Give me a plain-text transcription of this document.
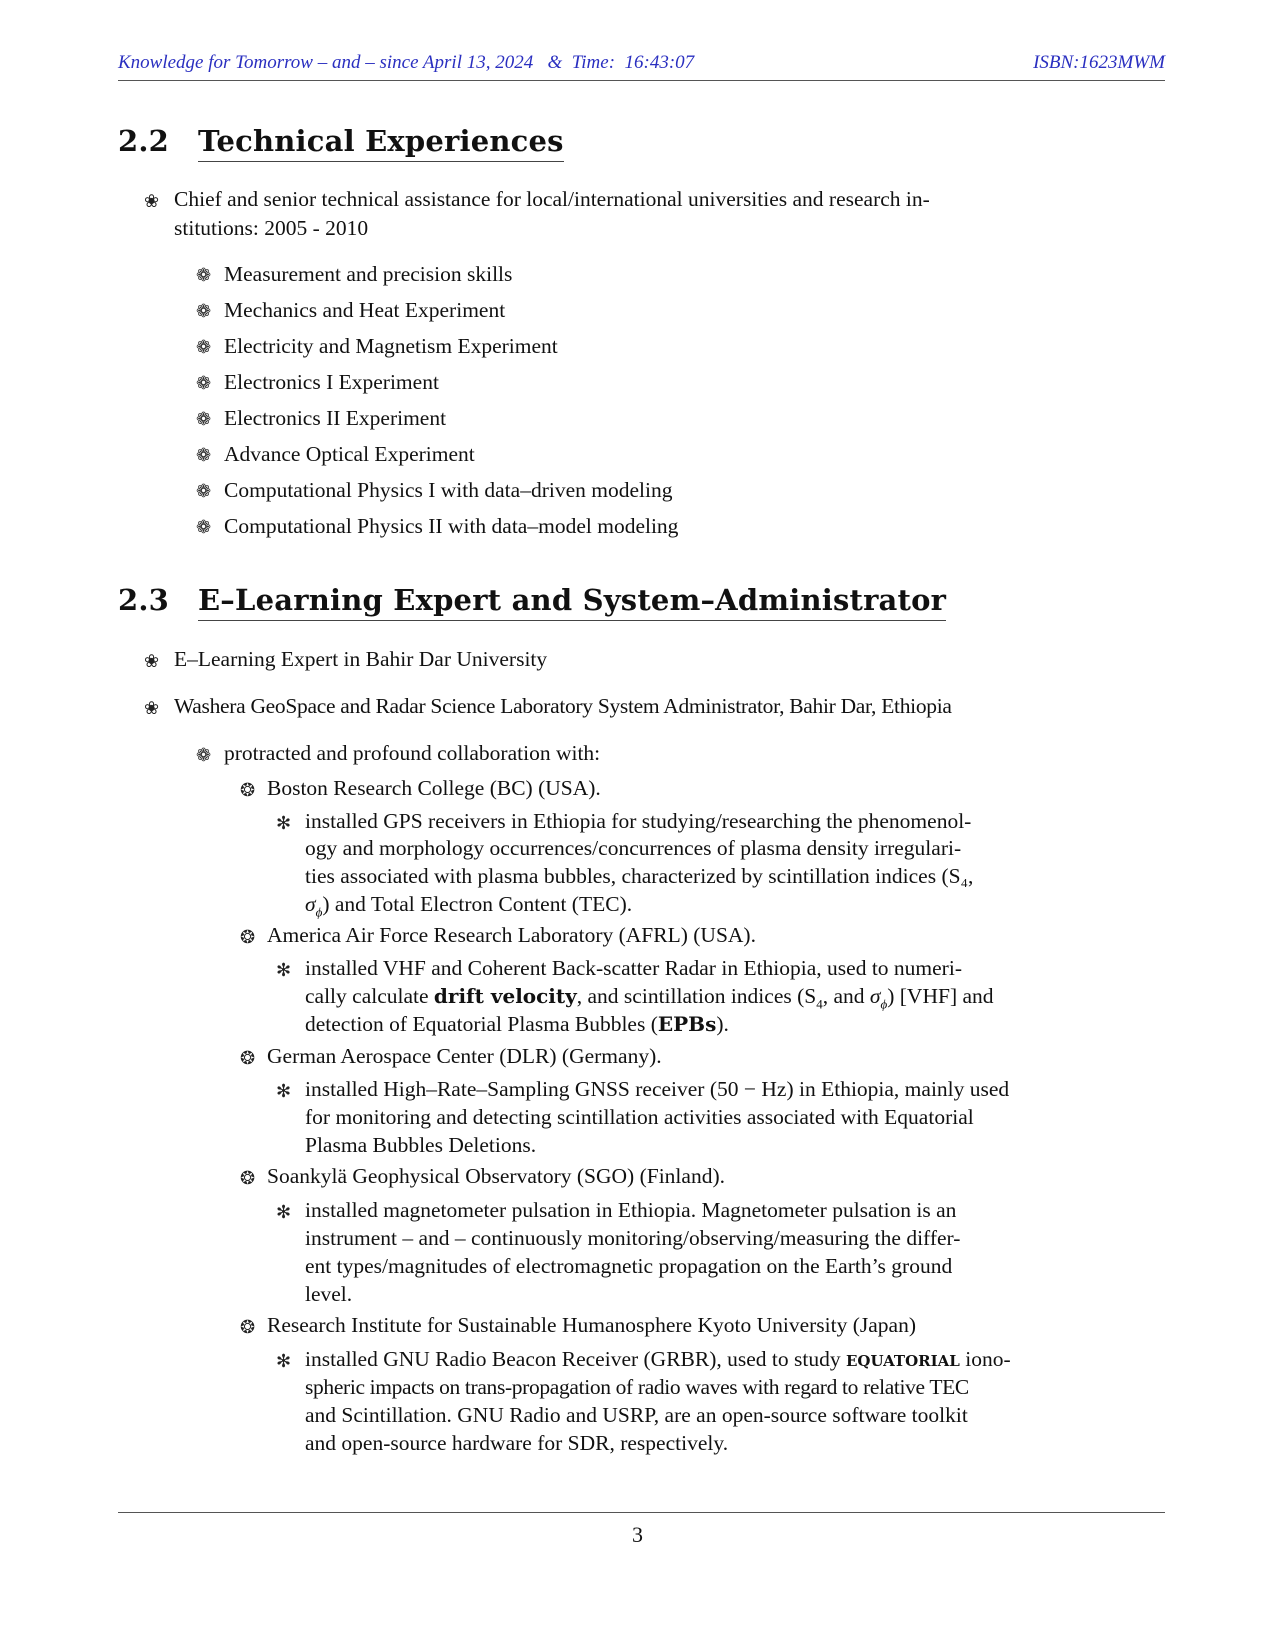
Knowledge for Tomorrow – and – since April 13, 2024   &  Time:  16:43:07	ISBN:1623MWM
2.2 Technical Experiences
❀ Chief and senior technical assistance for local/international universities and research in-
stitutions: 2005 - 2010
❁ Measurement and precision skills
❁ Mechanics and Heat Experiment
❁ Electricity and Magnetism Experiment
❁ Electronics I Experiment
❁ Electronics II Experiment
❁ Advance Optical Experiment
❁ Computational Physics I with data–driven modeling
❁ Computational Physics II with data–model modeling
2.3 E–Learning Expert and System–Administrator
❀ E–Learning Expert in Bahir Dar University
❀ Washera GeoSpace and Radar Science Laboratory System Administrator, Bahir Dar, Ethiopia
❁ protracted and profound collaboration with:
❂ Boston Research College (BC) (USA).
✻ installed GPS receivers in Ethiopia for studying/researching the phenomenol-
ogy and morphology occurrences/concurrences of plasma density irregulari-
ties associated with plasma bubbles, characterized by scintillation indices (S₄,
$\sigma_\phi$) and Total Electron Content (TEC).
❂ America Air Force Research Laboratory (AFRL) (USA).
✻ installed VHF and Coherent Back-scatter Radar in Ethiopia, used to numeri-
cally calculate drift velocity, and scintillation indices ($S_4$, and $\sigma_\phi$) [VHF] and
detection of Equatorial Plasma Bubbles (EPBs).
❂ German Aerospace Center (DLR) (Germany).
✻ installed High–Rate–Sampling GNSS receiver (50 − Hz) in Ethiopia, mainly used
for monitoring and detecting scintillation activities associated with Equatorial
Plasma Bubbles Deletions.
❂ Soankylä Geophysical Observatory (SGO) (Finland).
✻ installed magnetometer pulsation in Ethiopia. Magnetometer pulsation is an
instrument – and – continuously monitoring/observing/measuring the differ-
ent types/magnitudes of electromagnetic propagation on the Earth’s ground
level.
❂ Research Institute for Sustainable Humanosphere Kyoto University (Japan)
✻ installed GNU Radio Beacon Receiver (GRBR), used to study EQUATORIAL iono-
spheric impacts on trans-propagation of radio waves with regard to relative TEC
and Scintillation. GNU Radio and USRP, are an open-source software toolkit
and open-source hardware for SDR, respectively.
3
